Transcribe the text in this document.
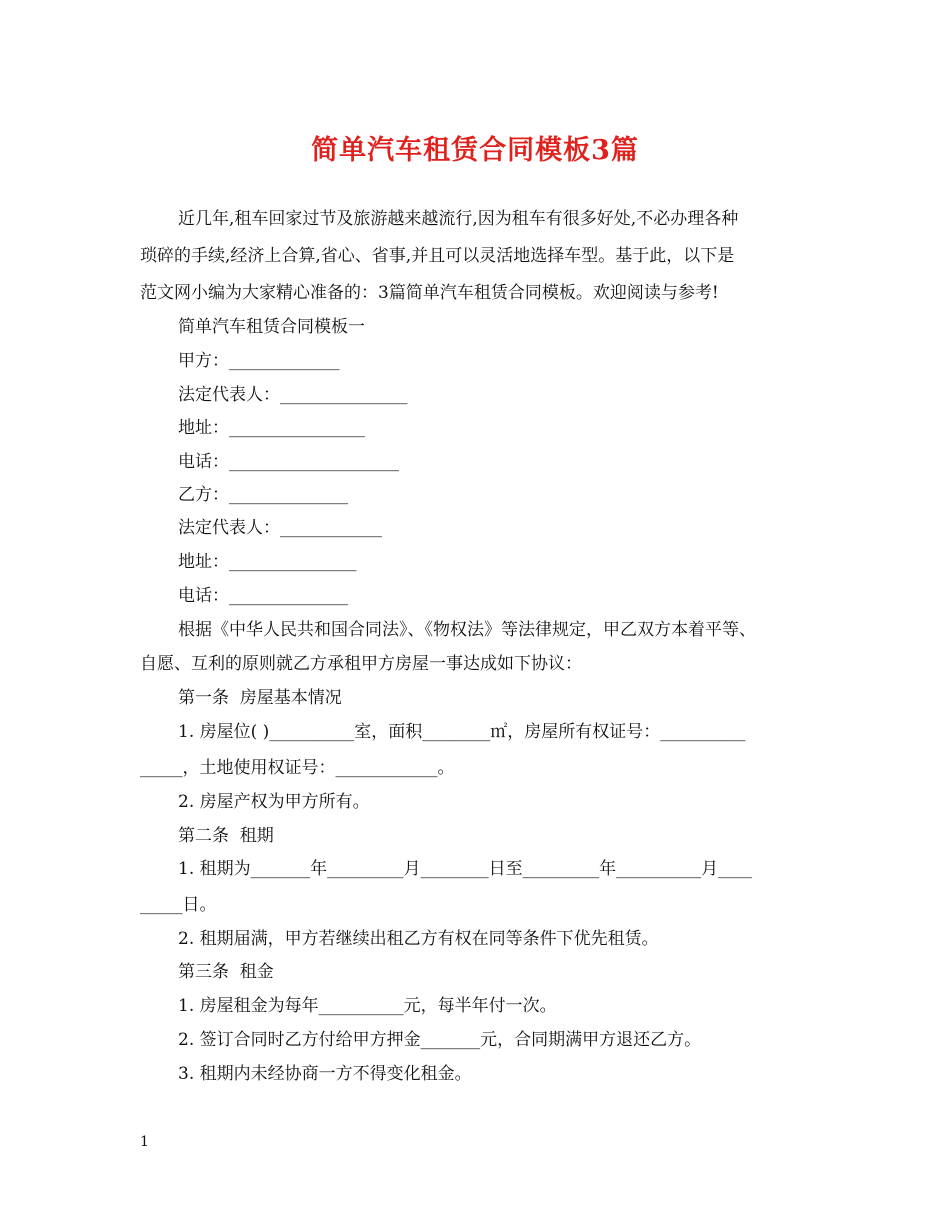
简单汽车租赁合同模板3篇
近几年,租车回家过节及旅游越来越流行,因为租车有很多好处,不必办理各种
琐碎的手续,经济上合算,省心、省事,并且可以灵活地选择车型。基于此，以下是
范文网小编为大家精心准备的：3篇简单汽车租赁合同模板。欢迎阅读与参考!
简单汽车租赁合同模板一
甲方：_____________
法定代表人：_______________
地址：________________
电话：____________________
乙方：______________
法定代表人：____________
地址：_______________
电话：______________
根据《中华人民共和国合同法》、《物权法》等法律规定，甲乙双方本着平等、
自愿、互利的原则就乙方承租甲方房屋一事达成如下协议：
第一条  房屋基本情况
1. 房屋位( )__________室，面积________㎡，房屋所有权证号：__________
_____，土地使用权证号：____________。
2. 房屋产权为甲方所有。
第二条  租期
1. 租期为_______年_________月________日至_________年__________月____
_____日。
2. 租期届满，甲方若继续出租乙方有权在同等条件下优先租赁。
第三条  租金
1. 房屋租金为每年__________元，每半年付一次。
2. 签订合同时乙方付给甲方押金_______元，合同期满甲方退还乙方。
3. 租期内未经协商一方不得变化租金。
1
